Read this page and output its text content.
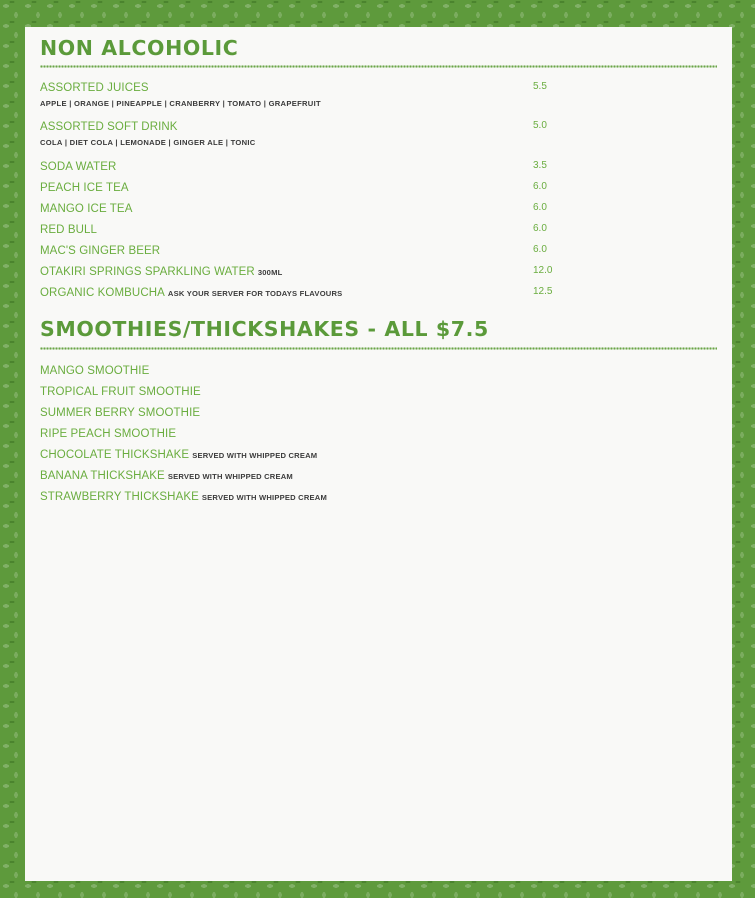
NON ALCOHOLIC
ASSORTED JUICES	5.5
APPLE | ORANGE | PINEAPPLE | CRANBERRY | TOMATO | GRAPEFRUIT
ASSORTED SOFT DRINK	5.0
COLA | DIET COLA | LEMONADE | GINGER ALE | TONIC
SODA WATER	3.5
PEACH ICE TEA	6.0
MANGO ICE TEA	6.0
RED BULL	6.0
MAC'S GINGER BEER	6.0
OTAKIRI SPRINGS SPARKLING WATER 300ML	12.0
ORGANIC KOMBUCHA ASK YOUR SERVER FOR TODAYS FLAVOURS	12.5
SMOOTHIES/THICKSHAKES - ALL $7.5
MANGO SMOOTHIE
TROPICAL FRUIT SMOOTHIE
SUMMER BERRY SMOOTHIE
RIPE PEACH SMOOTHIE
CHOCOLATE THICKSHAKE SERVED WITH WHIPPED CREAM
BANANA THICKSHAKE SERVED WITH WHIPPED CREAM
STRAWBERRY THICKSHAKE SERVED WITH WHIPPED CREAM
